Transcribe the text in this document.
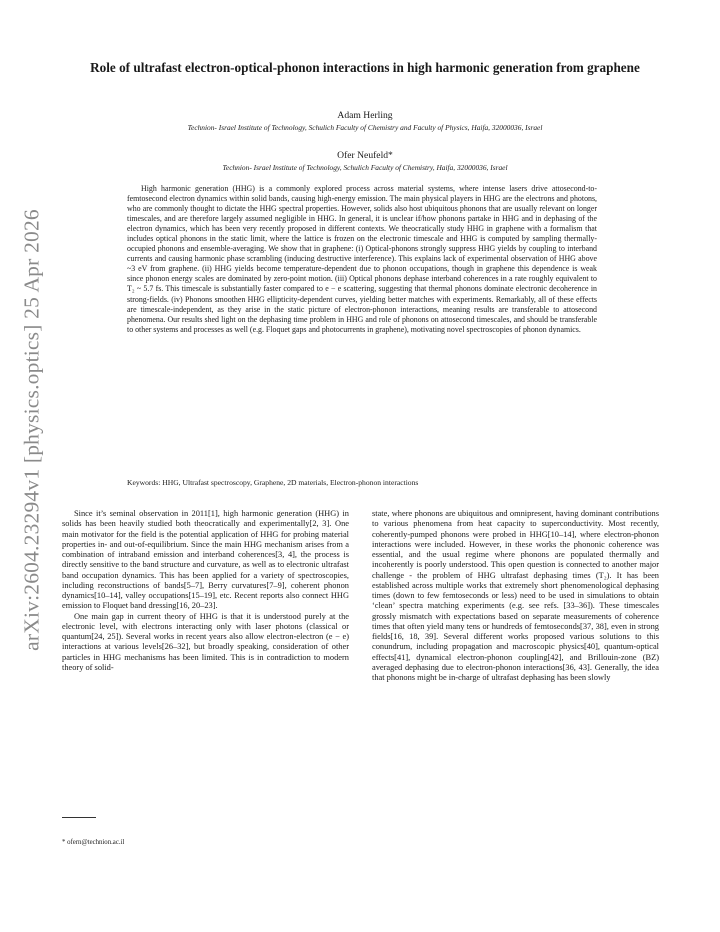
arXiv:2604.23294v1 [physics.optics] 25 Apr 2026
Role of ultrafast electron-optical-phonon interactions in high harmonic generation from graphene

Adam Herling

Technion- Israel Institute of Technology, Schulich Faculty of Chemistry and Faculty of Physics, Haifa, 32000036, Israel

Ofer Neufeld*

Technion- Israel Institute of Technology, Schulich Faculty of Chemistry, Haifa, 32000036, Israel

High harmonic generation (HHG) is a commonly explored process across material systems, where intense lasers drive attosecond-to-femtosecond electron dynamics within solid bands, causing high-energy emission. The main physical players in HHG are the electrons and photons, who are commonly thought to dictate the HHG spectral properties. However, solids also host ubiquitous phonons that are usually relevant on longer timescales, and are therefore largely assumed negligible in HHG. In general, it is unclear if/how phonons partake in HHG and in dephasing of the electron dynamics, which has been very recently proposed in different contexts. We theocratically study HHG in graphene with a formalism that includes optical phonons in the static limit, where the lattice is frozen on the electronic timescale and HHG is computed by sampling thermally-occupied phonons and ensemble-averaging. We show that in graphene: (i) Optical-phonons strongly suppress HHG yields by coupling to interband currents and causing harmonic phase scrambling (inducing destructive interference). This explains lack of experimental observation of HHG above ~3 eV from graphene. (ii) HHG yields become temperature-dependent due to phonon occupations, though in graphene this dependence is weak since phonon energy scales are dominated by zero-point motion. (iii) Optical phonons dephase interband coherences in a rate roughly equivalent to T₂ ~ 5.7 fs. This timescale is substantially faster compared to e − e scattering, suggesting that thermal phonons dominate electronic decoherence in strong-fields. (iv) Phonons smoothen HHG ellipticity-dependent curves, yielding better matches with experiments. Remarkably, all of these effects are timescale-independent, as they arise in the static picture of electron-phonon interactions, meaning results are transferable to attosecond phenomena. Our results shed light on the dephasing time problem in HHG and role of phonons on attosecond timescales, and should be transferable to other systems and processes as well (e.g. Floquet gaps and photocurrents in graphene), motivating novel spectroscopies of phonon dynamics.

Keywords: HHG, Ultrafast spectroscopy, Graphene, 2D materials, Electron-phonon interactions

Since it’s seminal observation in 2011[1], high harmonic generation (HHG) in solids has been heavily studied both theocratically and experimentally[2, 3]. One main motivator for the field is the potential application of HHG for probing material properties in- and out-of-equilibrium. Since the main HHG mechanism arises from a combination of intraband emission and interband coherences[3, 4], the process is directly sensitive to the band structure and curvature, as well as to electronic ultrafast band occupation dynamics. This has been applied for a variety of spectroscopies, including reconstructions of bands[5–7], Berry curvatures[7–9], coherent phonon dynamics[10–14], valley occupations[15–19], etc. Recent reports also connect HHG emission to Floquet band dressing[16, 20–23].

One main gap in current theory of HHG is that it is understood purely at the electronic level, with electrons interacting only with laser photons (classical or quantum[24, 25]). Several works in recent years also allow electron-electron (e − e) interactions at various levels[26–32], but broadly speaking, consideration of other particles in HHG mechanisms has been limited. This is in contradiction to modern theory of solid-

state, where phonons are ubiquitous and omnipresent, having dominant contributions to various phenomena from heat capacity to superconductivity. Most recently, coherently-pumped phonons were probed in HHG[10–14], where electron-phonon interactions were included. However, in these works the phononic coherence was essential, and the usual regime where phonons are populated thermally and incoherently is poorly understood. This open question is connected to another major challenge - the problem of HHG ultrafast dephasing times (T₂). It has been established across multiple works that extremely short phenomenological dephasing times (down to few femtoseconds or less) need to be used in simulations to obtain ‘clean’ spectra matching experiments (e.g. see refs. [33–36]). These timescales grossly mismatch with expectations based on separate measurements of coherence times that often yield many tens or hundreds of femtoseconds[37, 38], even in strong fields[16, 18, 39]. Several different works proposed various solutions to this conundrum, including propagation and macroscopic physics[40], quantum-optical effects[41], dynamical electron-phonon coupling[42], and Brillouin-zone (BZ) averaged dephasing due to electron-phonon interactions[36, 43]. Generally, the idea that phonons might be in-charge of ultrafast dephasing has been slowly

* ofern@technion.ac.il
